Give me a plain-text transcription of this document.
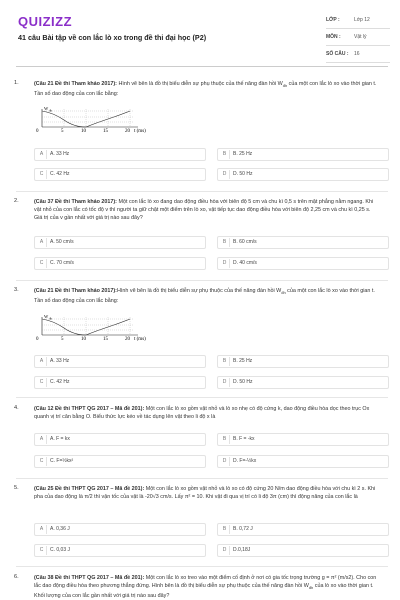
QUIZIZZ
41 câu Bài tập về con lắc lò xo trong đề thi đại học (P2)
LỚP :	Lớp 12
MÔN :	Vật lý
SỐ CÂU :	16
1.	(Câu 21 Đề thi Tham khảo 2017): Hình vẽ bên là đồ thị biểu diễn sự phụ thuộc của thế năng đàn hồi $W_{đh}$ của một con lắc lò xo vào thời gian t. Tần số dao động của con lắc bằng:
W đh
0	5	10	15	20 t (ms)
A	A. 33 Hz	B	B. 25 Hz
C	C. 42 Hz	D	D. 50 Hz
2.	(Câu 37 Đề thi Tham khảo 2017): Một con lắc lò xo đang dao động điều hòa với biên độ 5 cm và chu kì 0,5 s trên mặt phẳng nằm ngang. Khi vật nhỏ của con lắc có tốc độ v thì người ta giữ chặt một điểm trên lò xo, vật tiếp tục dao động điều hòa với biên độ 2,25 cm và chu kì 0,25 s. Giá trị của v gần nhất với giá trị nào sau đây?
A	A. 50 cm/s	B	B. 60 cm/s
C	C. 70 cm/s	D	D. 40 cm/s
3.	(Câu 21 Đề thi Tham khảo 2017):Hình vẽ bên là đồ thị biểu diễn sự phụ thuộc của thế năng đàn hồi $W_{đh}$ của một con lắc lò xo vào thời gian t. Tần số dao động của con lắc bằng:
W đh
0	5	10	15	20 t (ms)
A	A. 33 Hz	B	B. 25 Hz
C	C. 42 Hz	D	D. 50 Hz
4.	(Câu 12 Đề thi THPT QG 2017 – Mã đề 201): Một con lắc lò xo gồm vật nhỏ và lò xo nhẹ có độ cứng k, dao động điều hòa dọc theo trục Ox quanh vị trí cân bằng O. Biểu thức lực kéo về tác dụng lên vật theo li độ x là
A	A. F = kx	B	B. F = -kx
C	C. F=½kx²	D	D. F=-½kx
5.	(Câu 25 Đề thi THPT QG 2017 – Mã đề 201): Một con lắc lò xo gồm vật nhỏ và lò xo có độ cứng 20 N/m dao động điều hòa với chu kì 2 s. Khi pha của dao động là π/2 thì vận tốc của vật là -20√3 cm/s. Lấy π² = 10. Khi vật đi qua vị trí có li độ 3π (cm) thì động năng của con lắc là
A	A. 0,36 J	B	B. 0,72 J
C	C. 0,03 J	D	D.0,18J
6.	(Câu 38 Đề thi THPT QG 2017 – Mã đề 201): Một con lắc lò xo treo vào một điểm cố định ở nơi có gia tốc trọng trường g = π² (m/s2). Cho con lắc dao động điều hòa theo phương thẳng đứng. Hình bên là đồ thị biểu diễn sự phụ thuộc của thế năng đàn hồi $W_{đh}$ của lò xo vào thời gian t. Khối lượng của con lắc gần nhất với giá trị nào sau đây?
